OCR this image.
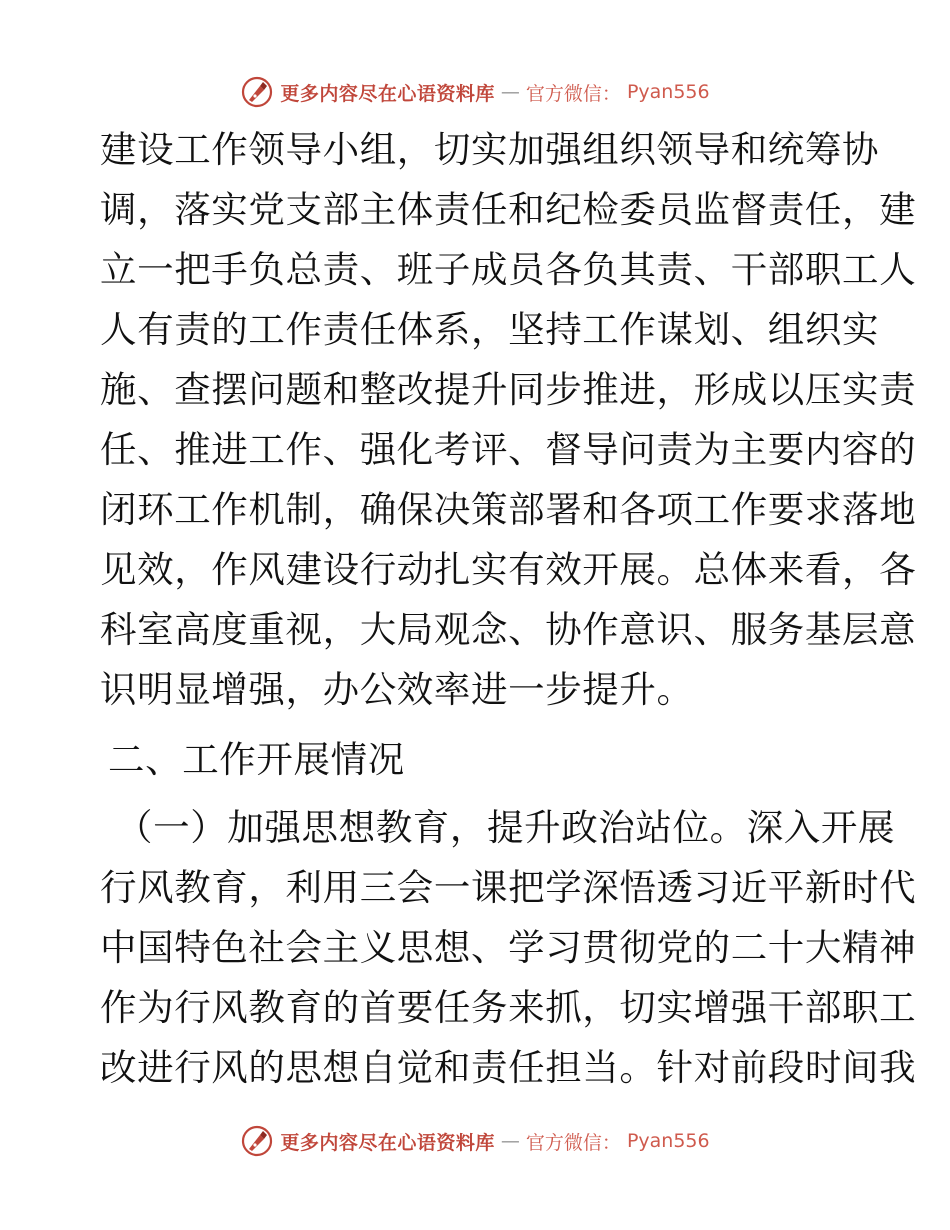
更多内容尽在心语资料库 — 官方微信： Pyan556
建设工作领导小组，切实加强组织领导和统筹协
调，落实党支部主体责任和纪检委员监督责任，建
立一把手负总责、班子成员各负其责、干部职工人
人有责的工作责任体系，坚持工作谋划、组织实
施、查摆问题和整改提升同步推进，形成以压实责
任、推进工作、强化考评、督导问责为主要内容的
闭环工作机制，确保决策部署和各项工作要求落地
见效，作风建设行动扎实有效开展。总体来看，各
科室高度重视，大局观念、协作意识、服务基层意
识明显增强，办公效率进一步提升。
二、工作开展情况
（一）加强思想教育，提升政治站位。深入开展
行风教育，利用三会一课把学深悟透习近平新时代
中国特色社会主义思想、学习贯彻党的二十大精神
作为行风教育的首要任务来抓，切实增强干部职工
改进行风的思想自觉和责任担当。针对前段时间我
更多内容尽在心语资料库 — 官方微信： Pyan556
